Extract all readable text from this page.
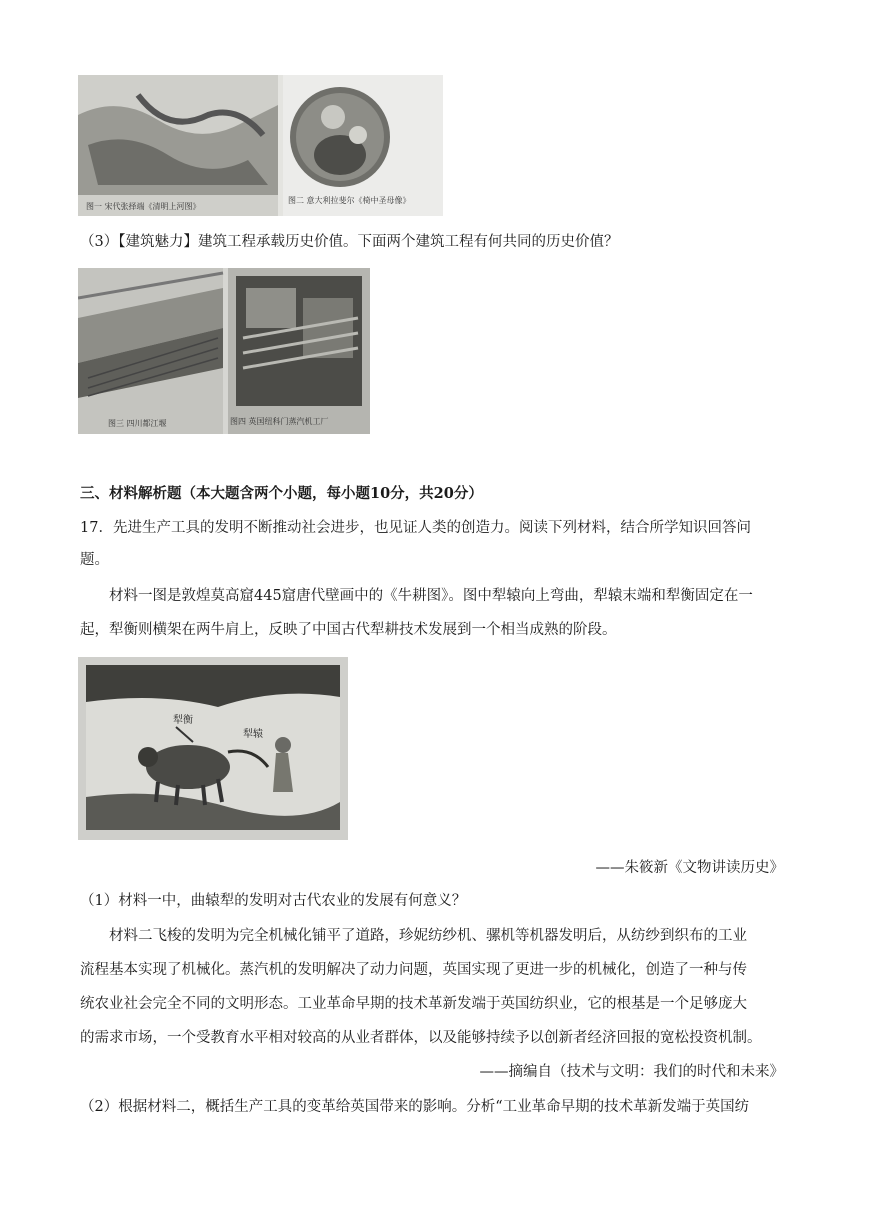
图一 宋代张择端《清明上河图》
图二 意大利拉斐尔《椅中圣母像》
（3）【建筑魅力】建筑工程承载历史价值。下面两个建筑工程有何共同的历史价值？
图三 四川都江堰	图四 英国纽科门蒸汽机工厂
三、材料解析题（本大题含两个小题，每小题10分，共20分）
17．先进生产工具的发明不断推动社会进步，也见证人类的创造力。阅读下列材料，结合所学知识回答问
题。
材料一图是敦煌莫高窟445窟唐代壁画中的《牛耕图》。图中犁辕向上弯曲，犁辕末端和犁衡固定在一
起，犁衡则横架在两牛肩上，反映了中国古代犁耕技术发展到一个相当成熟的阶段。
犁衡
犁辕
——朱筱新《文物讲读历史》
（1）材料一中，曲辕犁的发明对古代农业的发展有何意义？
材料二飞梭的发明为完全机械化铺平了道路，珍妮纺纱机、骡机等机器发明后，从纺纱到织布的工业
流程基本实现了机械化。蒸汽机的发明解决了动力问题，英国实现了更进一步的机械化，创造了一种与传
统农业社会完全不同的文明形态。工业革命早期的技术革新发端于英国纺织业，它的根基是一个足够庞大
的需求市场，一个受教育水平相对较高的从业者群体，以及能够持续予以创新者经济回报的宽松投资机制。
——摘编自（技术与文明：我们的时代和未来》
（2）根据材料二，概括生产工具的变革给英国带来的影响。分析“工业革命早期的技术革新发端于英国纺
